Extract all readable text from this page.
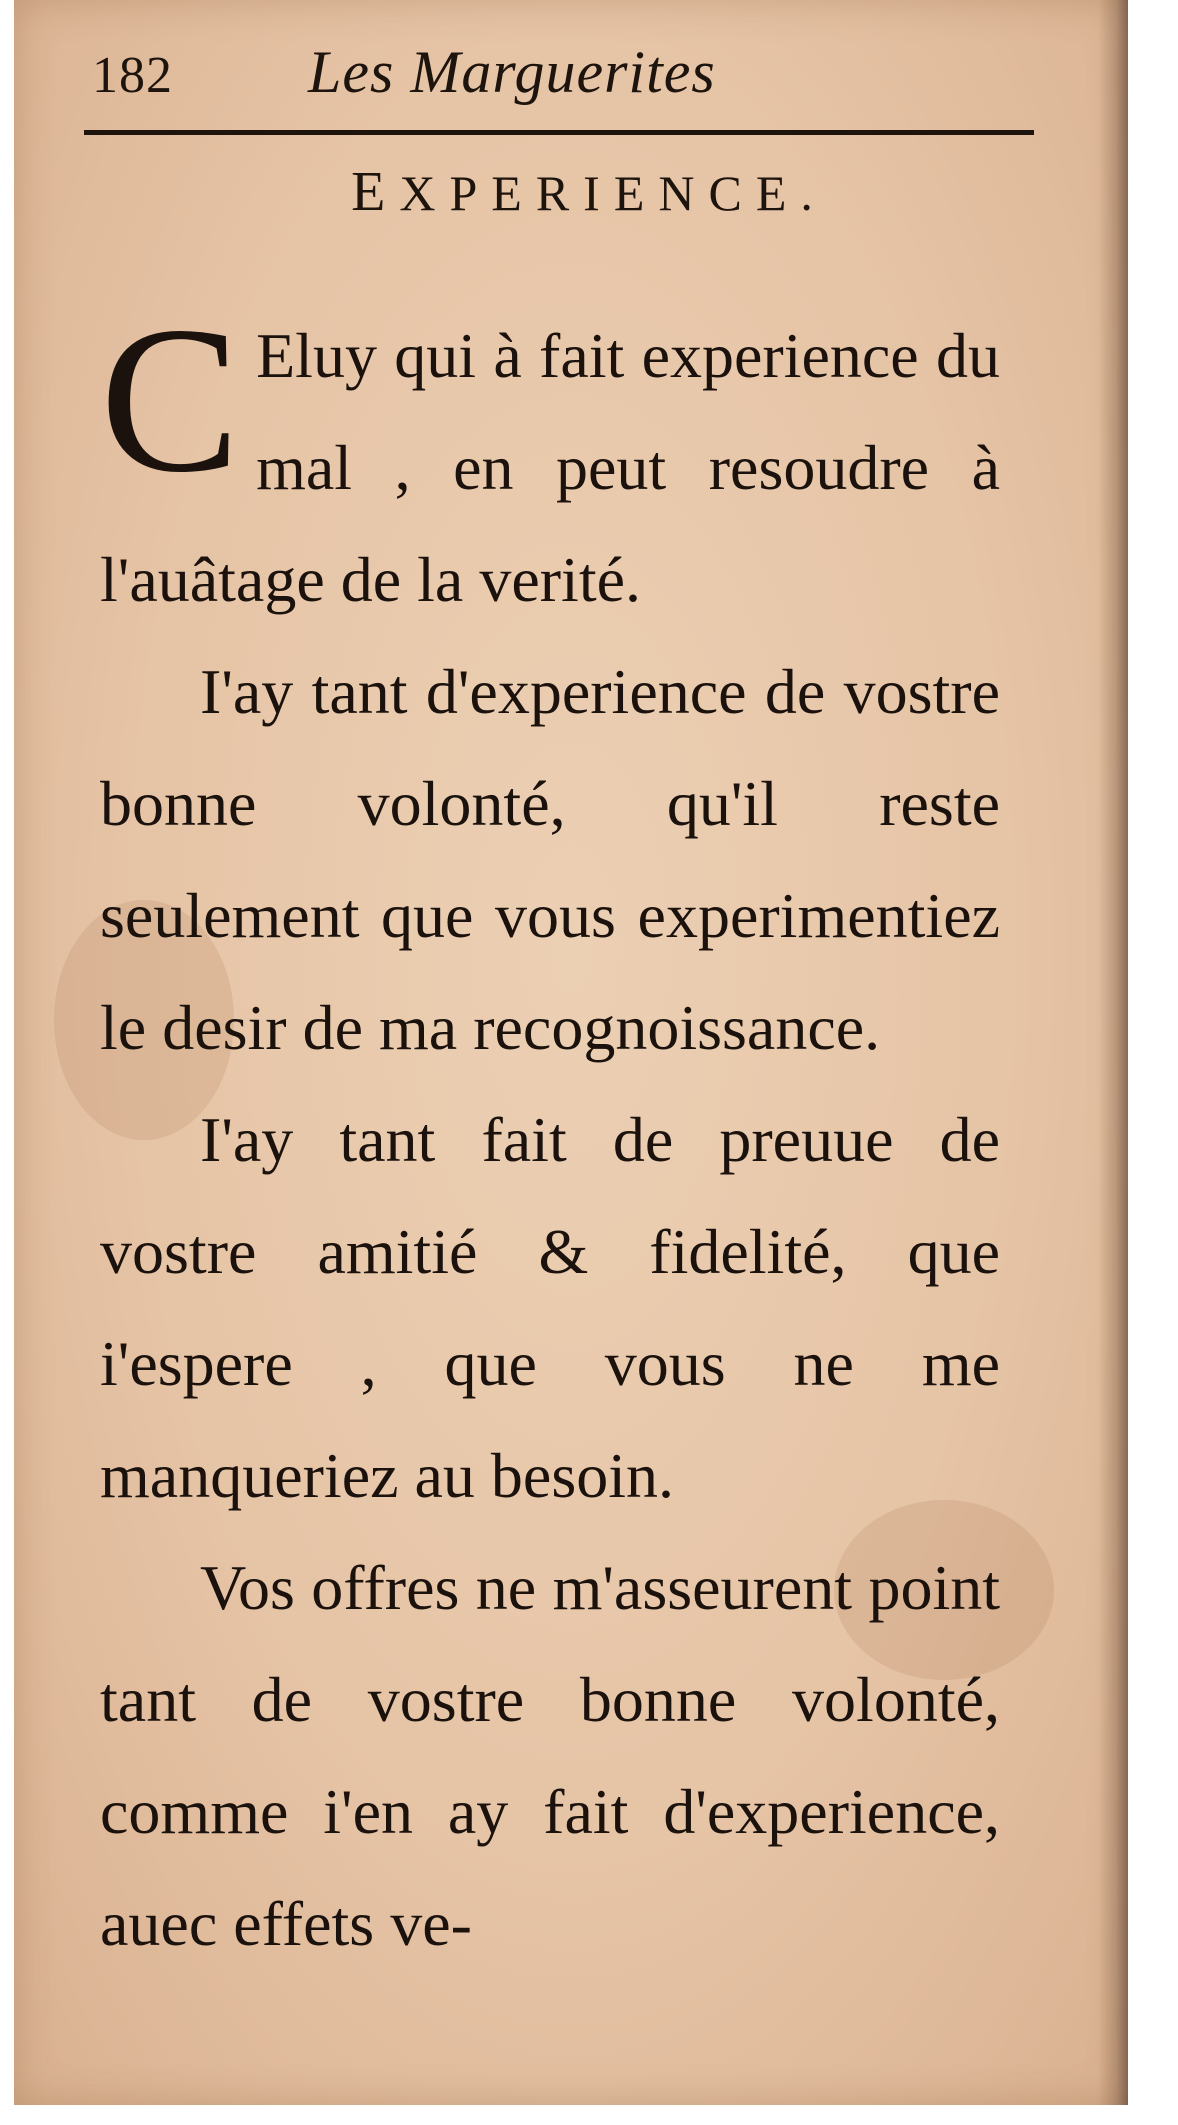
182 Les Marguerites
EXPERIENCE.

C Eluy qui à fait experience du mal , en peut resoudre à l'auâtage de la verité.

I'ay tant d'experience de vostre bonne volonté, qu'il reste seulement que vous experimentiez le desir de ma recognoissance.

I'ay tant fait de preuue de vostre amitié & fidelité, que i'espere , que vous ne me manqueriez au besoin.

Vos offres ne m'asseurent point tant de vostre bonne volonté, comme i'en ay fait d'experience, auec effets ve-
